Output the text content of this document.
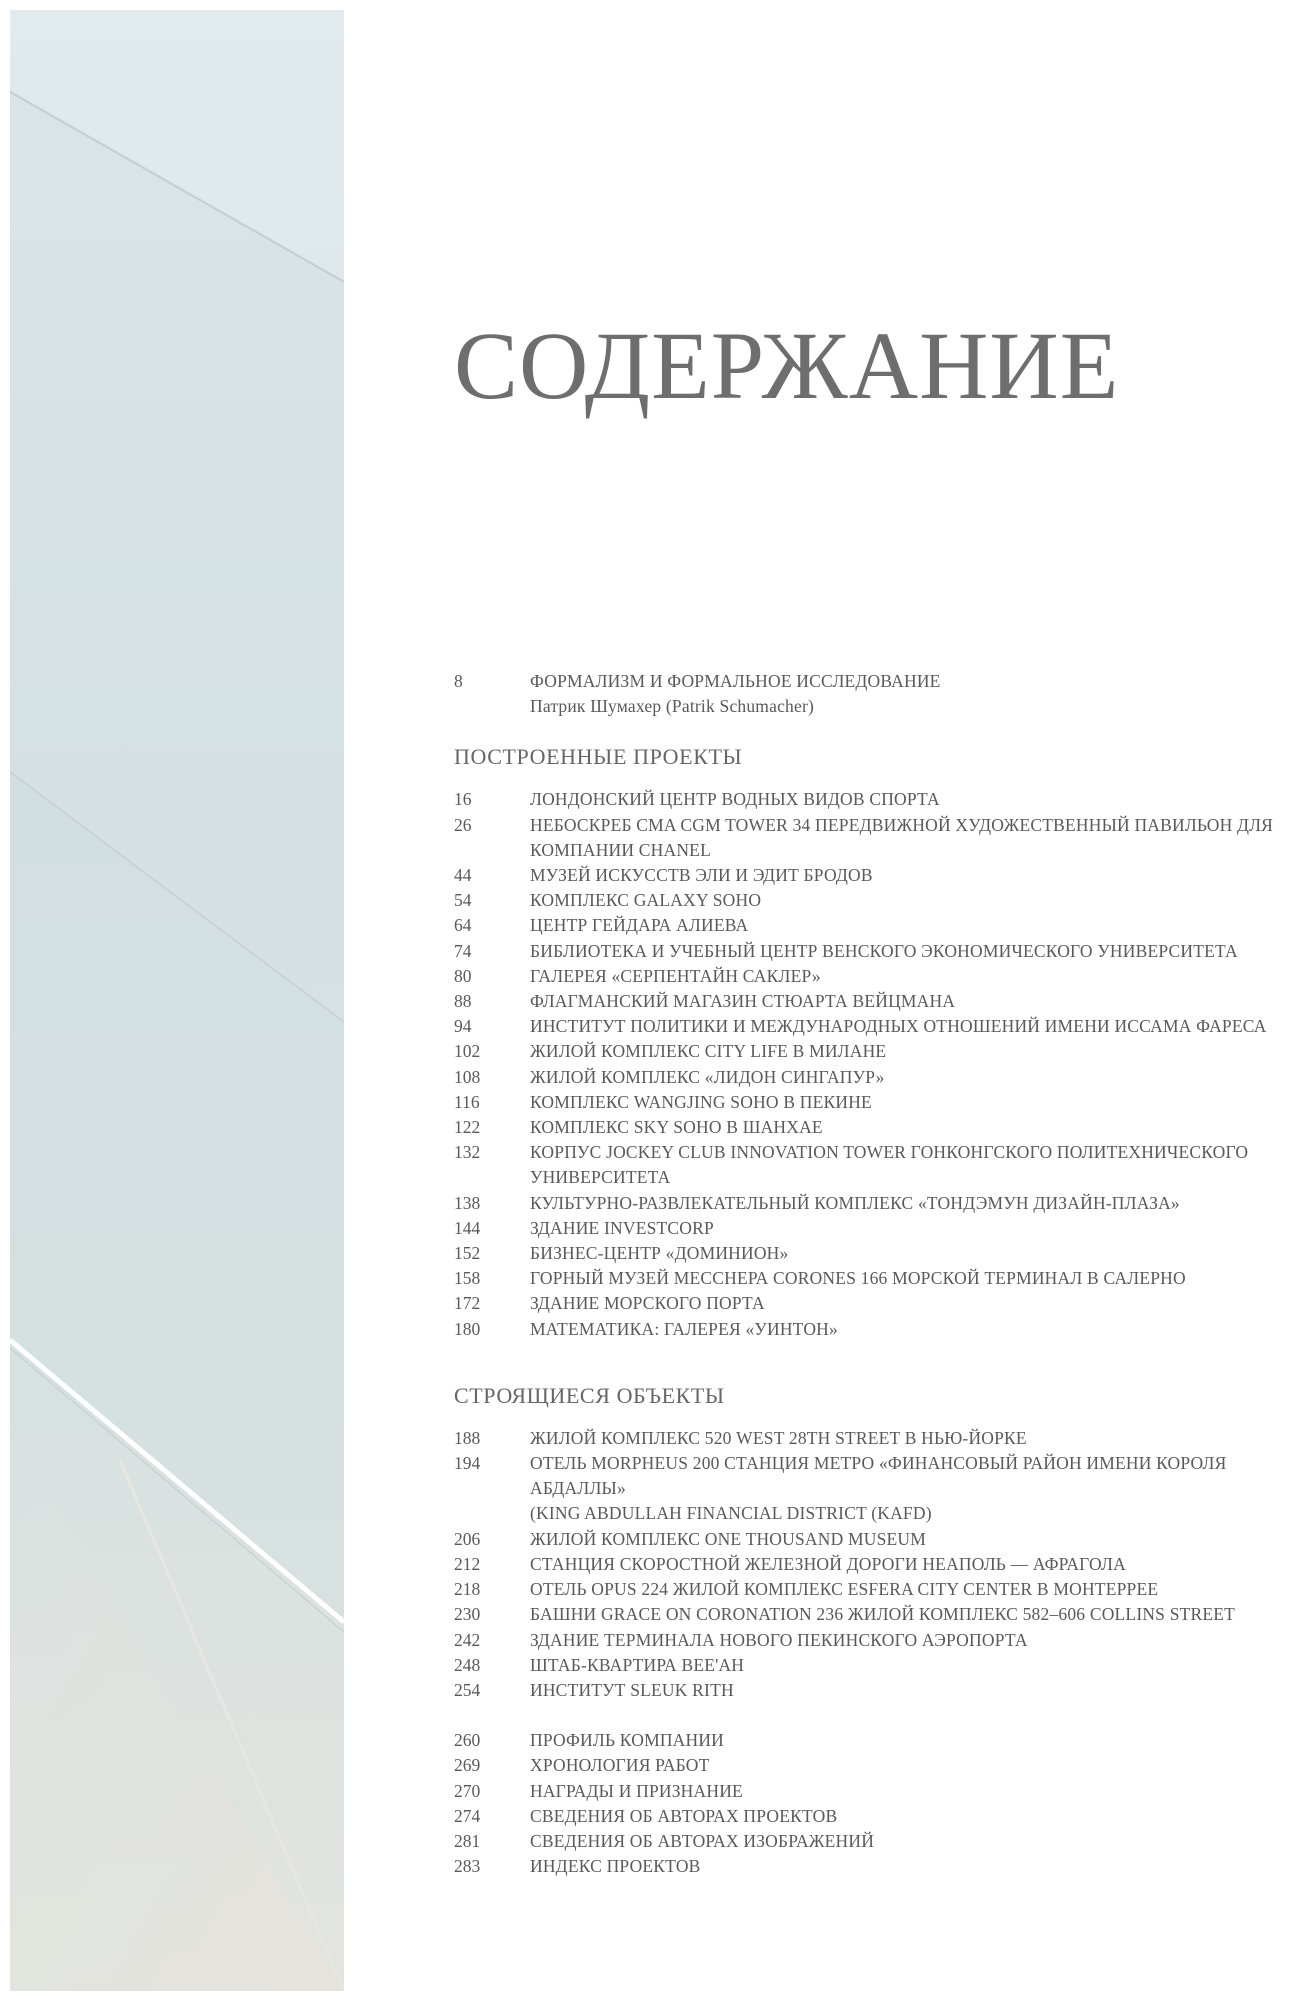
СОДЕРЖАНИЕ
8	ФОРМАЛИЗМ И ФОРМАЛЬНОЕ ИССЛЕДОВАНИЕ
Патрик Шумахер (Patrik Schumacher)
ПОСТРОЕННЫЕ ПРОЕКТЫ
16	ЛОНДОНСКИЙ ЦЕНТР ВОДНЫХ ВИДОВ СПОРТА
26	НЕБОСКРЕБ CMA CGM TOWER 34 ПЕРЕДВИЖНОЙ ХУДОЖЕСТВЕННЫЙ ПАВИЛЬОН ДЛЯ
КОМПАНИИ CHANEL
44	МУЗЕЙ ИСКУССТВ ЭЛИ И ЭДИТ БРОДОВ
54	КОМПЛЕКС GALAXY SOHO
64	ЦЕНТР ГЕЙДАРА АЛИЕВА
74	БИБЛИОТЕКА И УЧЕБНЫЙ ЦЕНТР ВЕНСКОГО ЭКОНОМИЧЕСКОГО УНИВЕРСИТЕТА
80	ГАЛЕРЕЯ «СЕРПЕНТАЙН САКЛЕР»
88	ФЛАГМАНСКИЙ МАГАЗИН СТЮАРТА ВЕЙЦМАНА
94	ИНСТИТУТ ПОЛИТИКИ И МЕЖДУНАРОДНЫХ ОТНОШЕНИЙ ИМЕНИ ИССАМА ФАРЕСА
102	ЖИЛОЙ КОМПЛЕКС CITY LIFE В МИЛАНЕ
108	ЖИЛОЙ КОМПЛЕКС «ЛИДОН СИНГАПУР»
116	КОМПЛЕКС WANGJING SOHO В ПЕКИНЕ
122	КОМПЛЕКС SKY SOHO В ШАНХАЕ
132	КОРПУС JOCKEY CLUB INNOVATION TOWER ГОНКОНГСКОГО ПОЛИТЕХНИЧЕСКОГО
УНИВЕРСИТЕТА
138	КУЛЬТУРНО-РАЗВЛЕКАТЕЛЬНЫЙ КОМПЛЕКС «ТОНДЭМУН ДИЗАЙН-ПЛАЗА»
144	ЗДАНИЕ INVESTCORP
152	БИЗНЕС-ЦЕНТР «ДОМИНИОН»
158	ГОРНЫЙ МУЗЕЙ МЕССНЕРА CORONES 166 МОРСКОЙ ТЕРМИНАЛ В САЛЕРНО
172	ЗДАНИЕ МОРСКОГО ПОРТА
180	МАТЕМАТИКА: ГАЛЕРЕЯ «УИНТОН»
СТРОЯЩИЕСЯ ОБЪЕКТЫ
188	ЖИЛОЙ КОМПЛЕКС 520 WEST 28TH STREET В НЬЮ-ЙОРКЕ
194	ОТЕЛЬ MORPHEUS 200 СТАНЦИЯ МЕТРО «ФИНАНСОВЫЙ РАЙОН ИМЕНИ КОРОЛЯ АБДАЛЛЫ»
(KING ABDULLAH FINANCIAL DISTRICT (KAFD)
206	ЖИЛОЙ КОМПЛЕКС ONE THOUSAND MUSEUM
212	СТАНЦИЯ СКОРОСТНОЙ ЖЕЛЕЗНОЙ ДОРОГИ НЕАПОЛЬ — АФРАГОЛА
218	ОТЕЛЬ OPUS 224 ЖИЛОЙ КОМПЛЕКС ESFERA CITY CENTER В МОНТЕРРЕЕ
230	БАШНИ GRACE ON CORONATION 236 ЖИЛОЙ КОМПЛЕКС 582–606 COLLINS STREET
242	ЗДАНИЕ ТЕРМИНАЛА НОВОГО ПЕКИНСКОГО АЭРОПОРТА
248	ШТАБ-КВАРТИРА BEE'AH
254	ИНСТИТУТ SLEUK RITH
260	ПРОФИЛЬ КОМПАНИИ
269	ХРОНОЛОГИЯ РАБОТ
270	НАГРАДЫ И ПРИЗНАНИЕ
274	СВЕДЕНИЯ ОБ АВТОРАХ ПРОЕКТОВ
281	СВЕДЕНИЯ ОБ АВТОРАХ ИЗОБРАЖЕНИЙ
283	ИНДЕКС ПРОЕКТОВ
